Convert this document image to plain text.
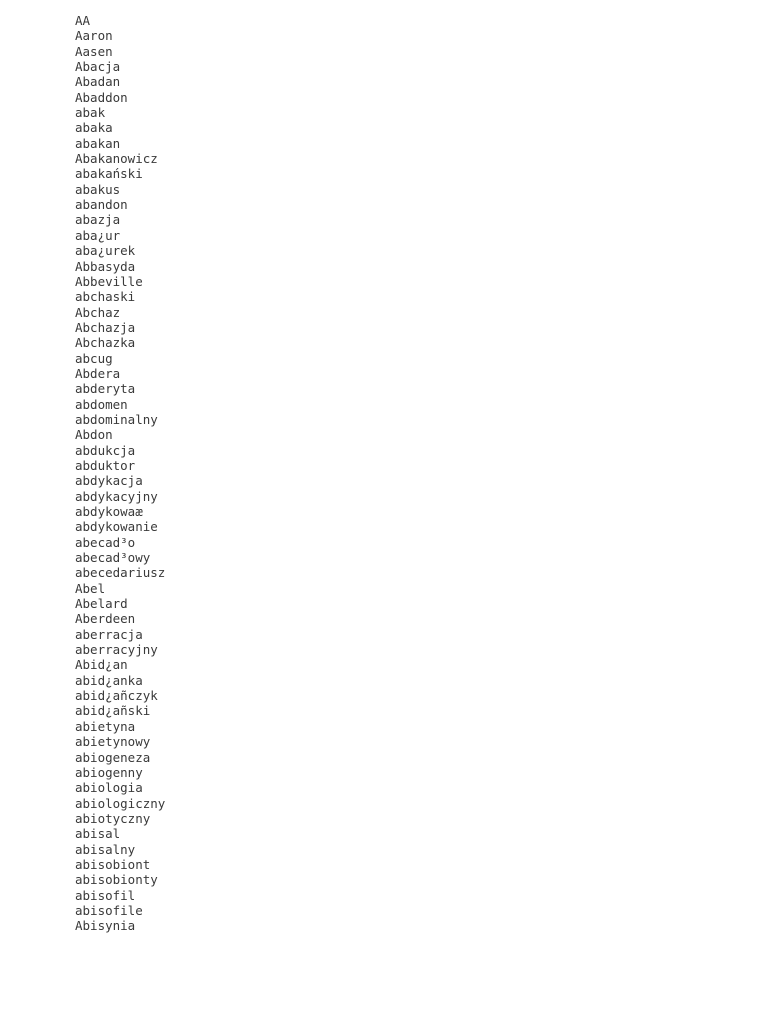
AA
Aaron
Aasen
Abacja
Abadan
Abaddon
abak
abaka
abakan
Abakanowicz
abakański
abakus
abandon
abazja
aba¿ur
aba¿urek
Abbasyda
Abbeville
abchaski
Abchaz
Abchazja
Abchazka
abcug
Abdera
abderyta
abdomen
abdominalny
Abdon
abdukcja
abduktor
abdykacja
abdykacyjny
abdykowaæ
abdykowanie
abecad³o
abecad³owy
abecedariusz
Abel
Abelard
Aberdeen
aberracja
aberracyjny
Abid¿an
abid¿anka
abid¿añczyk
abid¿añski
abietyna
abietynowy
abiogeneza
abiogenny
abiologia
abiologiczny
abiotyczny
abisal
abisalny
abisobiont
abisobionty
abisofil
abisofile
Abisynia
